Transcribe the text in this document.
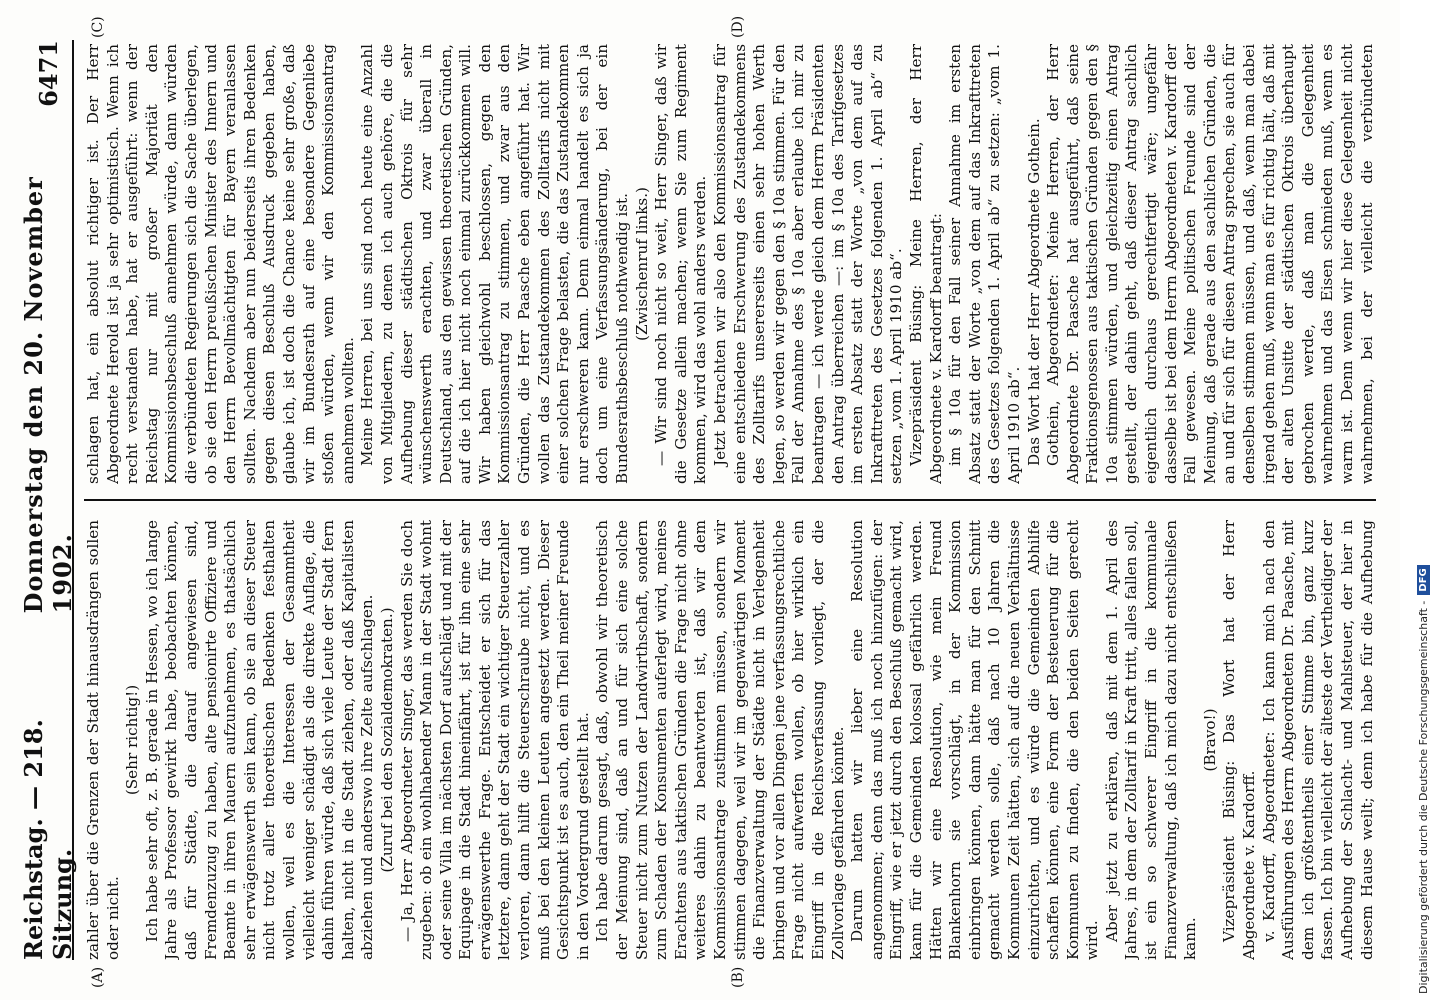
Reichstag. — 218. Sitzung.
Donnerstag den 20. November 1902.
6471

zahler über die Grenzen der Stadt hinausdrängen sollen oder nicht.

(Sehr richtig!) Ich habe sehr oft, z. B. gerade in Hessen, wo ich lange Jahre als Professor gewirkt habe, beobachten können, daß für Städte, die darauf angewiesen sind, Fremdenzuzug zu haben, alte pensionirte Offiziere und Beamte in ihren Mauern aufzunehmen, es thatsächlich sehr erwägenswerth sein kann, ob sie an dieser Steuer nicht trotz aller theoretischen Bedenken festhalten wollen, weil es die Interessen der Gesammtheit vielleicht weniger schädigt als die direkte Auflage, die dahin führen würde, daß sich viele Leute der Stadt fern halten, nicht in die Stadt ziehen, oder daß Kapitalisten abziehen und anderswo ihre Zelte aufschlagen. (Zuruf bei den Sozialdemokraten.) — Ja, Herr Abgeordneter Singer, das werden Sie doch zugeben: ob ein wohlhabender Mann in der Stadt wohnt oder seine Villa im nächsten Dorf aufschlägt und mit der Equipage in die Stadt hineinfährt, ist für ihn eine sehr erwägenswerthe Frage. Entscheidet er sich für das letztere, dann geht der Stadt ein wichtiger Steuerzahler verloren, dann hilft die Steuerschraube nicht, und es muß bei den kleinen Leuten angesetzt werden. Dieser Gesichtspunkt ist es auch, den ein Theil meiner Freunde in den Vordergrund gestellt hat. Ich habe darum gesagt, daß, obwohl wir theoretisch der Meinung sind, daß an und für sich eine solche Steuer nicht zum Nutzen der Landwirthschaft, sondern zum Schaden der Konsumenten auferlegt wird, meines Erachtens aus taktischen Gründen die Frage nicht ohne weiteres dahin zu beantworten ist, daß wir dem Kommissionsantrage zustimmen müssen, sondern wir stimmen dagegen, weil wir im gegenwärtigen Moment die Finanzverwaltung der Städte nicht in Verlegenheit bringen und vor allen Dingen jene verfassungsrechtliche Frage nicht aufwerfen wollen, ob hier wirklich ein Eingriff in die Reichsverfassung vorliegt, der die Zollvorlage gefährden könnte. Darum hatten wir lieber eine Resolution angenommen; denn das muß ich noch hinzufügen: der Eingriff, wie er jetzt durch den Beschluß gemacht wird, kann für die Gemeinden kolossal gefährlich werden. Hätten wir eine Resolution, wie mein Freund Blankenhorn sie vorschlägt, in der Kommission einbringen können, dann hätte man für den Schnitt gemacht werden solle, daß nach 10 Jahren die Kommunen Zeit hätten, sich auf die neuen Verhältnisse einzurichten, und es würde die Gemeinden Abhilfe schaffen können, eine Form der Besteuerung für die Kommunen zu finden, die den beiden Seiten gerecht wird. Aber jetzt zu erklären, daß mit dem 1. April des Jahres, in dem der Zolltarif in Kraft tritt, alles fallen soll, ist ein so schwerer Eingriff in die kommunale Finanzverwaltung, daß ich mich dazu nicht entschließen kann.

(Bravo!) Vizepräsident Büsing: Das Wort hat der Herr Abgeordnete v. Kardorff. v. Kardorff, Abgeordneter: Ich kann mich nach den Ausführungen des Herrn Abgeordneten Dr. Paasche, mit dem ich größtentheils einer Stimme bin, ganz kurz fassen. Ich bin vielleicht der älteste der Vertheidiger der Aufhebung der Schlacht- und Mahlsteuer, der hier in diesem Hause weilt; denn ich habe für die Aufhebung

schlagen hat, ein absolut richtiger ist. Der Herr Abgeordnete Herold ist ja sehr optimistisch. Wenn ich recht verstanden habe, hat er ausgeführt: wenn der Reichstag nur mit großer Majorität den Kommissionsbeschluß annehmen würde, dann würden die verbündeten Regierungen sich die Sache überlegen, ob sie den Herrn preußischen Minister des Innern und den Herrn Bevollmächtigten für Bayern veranlassen sollten. Nachdem aber nun beiderseits ihren Bedenken gegen diesen Beschluß Ausdruck gegeben haben, glaube ich, ist doch die Chance keine sehr große, daß wir im Bundesrath auf eine besondere Gegenliebe stoßen würden, wenn wir den Kommissionsantrag annehmen wollten. Meine Herren, bei uns sind noch heute eine Anzahl von Mitgliedern, zu denen ich auch gehöre, die die Aufhebung dieser städtischen Oktrois für sehr wünschenswerth erachten, und zwar überall in Deutschland, aus den gewissen theoretischen Gründen, auf die ich hier nicht noch einmal zurückkommen will. Wir haben gleichwohl beschlossen, gegen den Kommissionsantrag zu stimmen, und zwar aus den Gründen, die Herr Paasche eben angeführt hat. Wir wollen das Zustandekommen des Zolltarifs nicht mit einer solchen Frage belasten, die das Zustandekommen nur erschweren kann. Denn einmal handelt es sich ja doch um eine Verfassungsänderung, bei der ein Bundesrathsbeschluß nothwendig ist. (Zwischenruf links.) — Wir sind noch nicht so weit, Herr Singer, daß wir die Gesetze allein machen; wenn Sie zum Regiment kommen, wird das wohl anders werden. Jetzt betrachten wir also den Kommissionsantrag für eine entschiedene Erschwerung des Zustandekommens des Zolltarifs unsererseits einen sehr hohen Werth legen, so werden wir gegen den § 10a stimmen. Für den Fall der Annahme des § 10a aber erlaube ich mir zu beantragen — ich werde gleich dem Herrn Präsidenten den Antrag überreichen —: im § 10a des Tarifgesetzes im ersten Absatz statt der Worte „von dem auf das Inkrafttreten des Gesetzes folgenden 1. April ab“ zu setzen „vom 1. April 1910 ab“. Vizepräsident Büsing: Meine Herren, der Herr Abgeordnete v. Kardorff beantragt: im § 10a für den Fall seiner Annahme im ersten Absatz statt der Worte „von dem auf das Inkrafttreten des Gesetzes folgenden 1. April ab“ zu setzen: „vom 1. April 1910 ab“. Das Wort hat der Herr Abgeordnete Gothein. Gothein, Abgeordneter: Meine Herren, der Herr Abgeordnete Dr. Paasche hat ausgeführt, daß seine Fraktionsgenossen aus taktischen Gründen gegen den § 10a stimmen würden, und gleichzeitig einen Antrag gestellt, der dahin geht, daß dieser Antrag sachlich eigentlich durchaus gerechtfertigt wäre; ungefähr dasselbe ist bei dem Herrn Abgeordneten v. Kardorff der Fall gewesen. Meine politischen Freunde sind der Meinung, daß gerade aus den sachlichen Gründen, die an und für sich für diesen Antrag sprechen, sie auch für denselben stimmen müssen, und daß, wenn man dabei irgend gehen muß, wenn man es für richtig hält, daß mit der alten Unsitte der städtischen Oktrois überhaupt gebrochen werde, daß man die Gelegenheit wahrnehmen und das Eisen schmieden muß, wenn es warm ist. Denn wenn wir hier diese Gelegenheit nicht wahrnehmen, bei der vielleicht die verbündeten

(A)	(B)
(C)	(D)
Digitalisierung gefördert durch die Deutsche Forschungsgemeinschaft -
DFG
